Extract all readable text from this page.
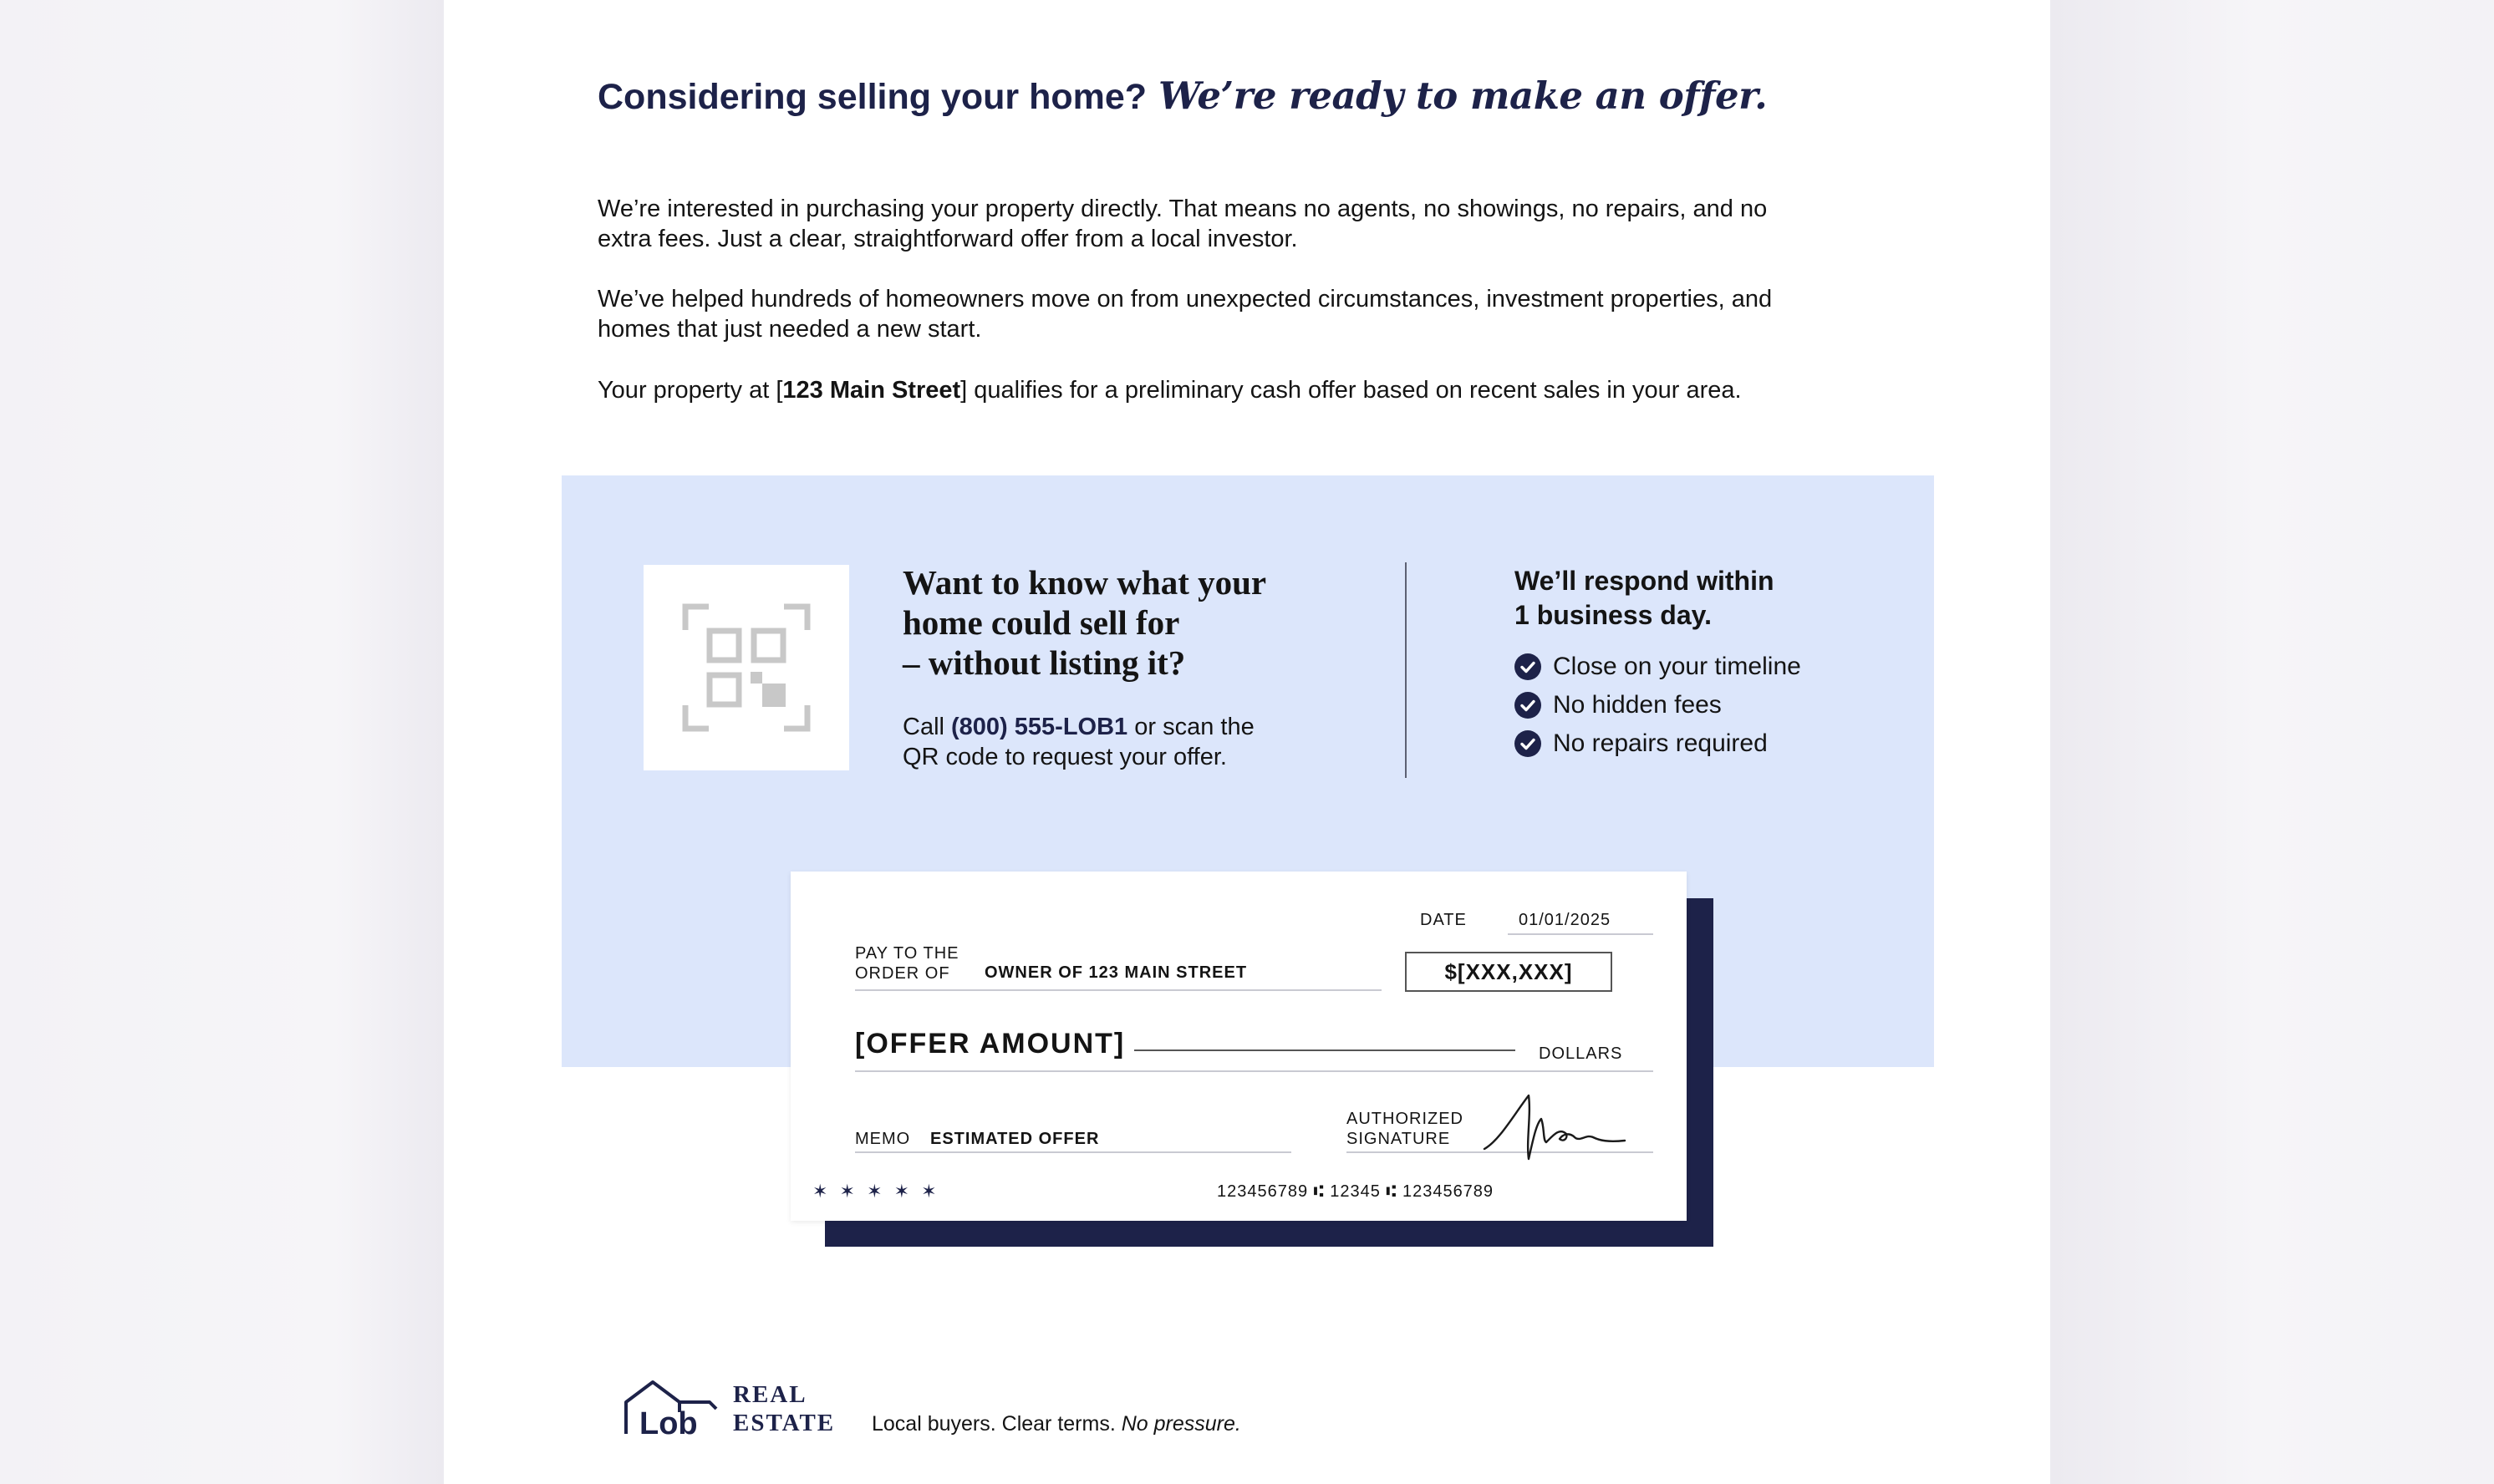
Considering selling your home? We’re ready to make an offer.
We’re interested in purchasing your property directly. That means no agents, no showings, no repairs, and no extra fees. Just a clear, straightforward offer from a local investor.
We’ve helped hundreds of homeowners move on from unexpected circumstances, investment properties, and homes that just needed a new start.
Your property at [123 Main Street] qualifies for a preliminary cash offer based on recent sales in your area.
Want to know what your
home could sell for
– without listing it?
Call (800) 555-LOB1 or scan the
QR code to request your offer.
We’ll respond within
1 business day.
Close on your timeline
No hidden fees
No repairs required
DATE	01/01/2025
PAY TO THE
ORDER OF	OWNER OF 123 MAIN STREET	$[XXX,XXX]
[OFFER AMOUNT]	DOLLARS
MEMO ESTIMATED OFFER
AUTHORIZED
SIGNATURE
✶ ✶ ✶ ✶ ✶	123456789 ⑆ 12345 ⑆ 123456789
Lob
REAL
ESTATE Local buyers. Clear terms. No pressure.
